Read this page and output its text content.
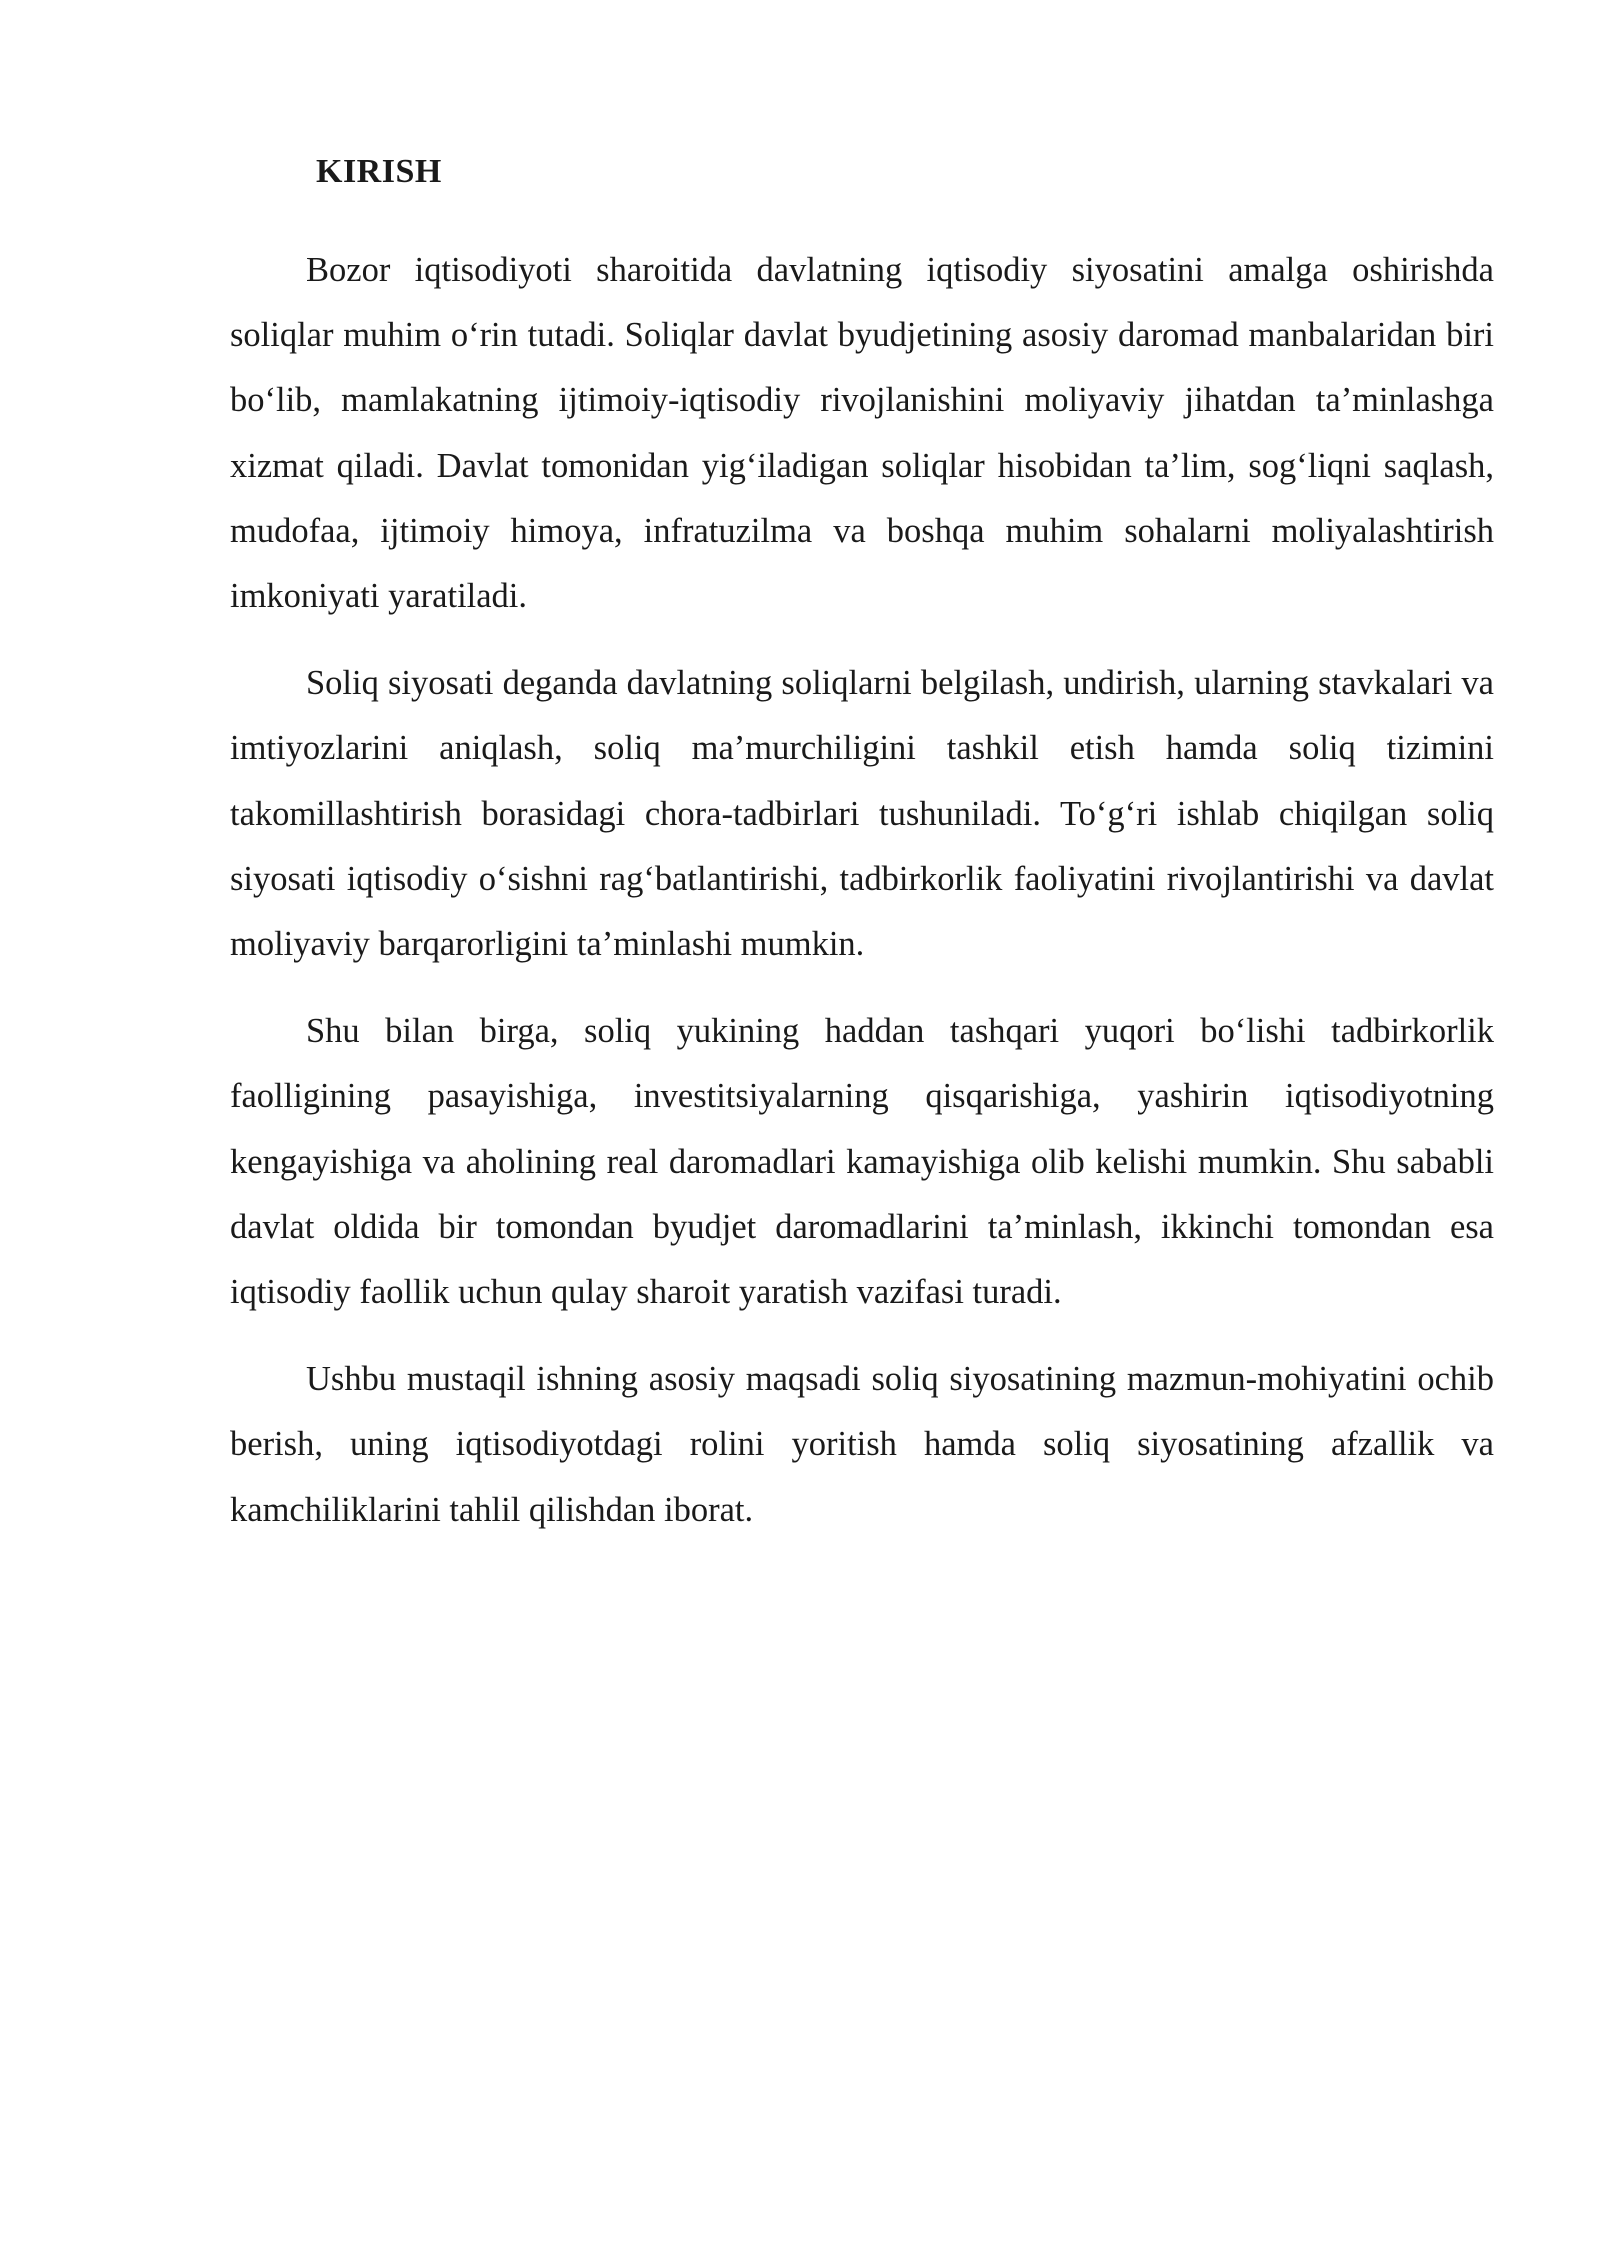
KIRISH

Bozor iqtisodiyoti sharoitida davlatning iqtisodiy siyosatini amalga oshirishda soliqlar muhim o‘rin tutadi. Soliqlar davlat byudjetining asosiy daromad manbalaridan biri bo‘lib, mamlakatning ijtimoiy-iqtisodiy rivojlanishini moliyaviy jihatdan ta’minlashga xizmat qiladi. Davlat tomonidan yig‘iladigan soliqlar hisobidan ta’lim, sog‘liqni saqlash, mudofaa, ijtimoiy himoya, infratuzilma va boshqa muhim sohalarni moliyalashtirish imkoniyati yaratiladi.

Soliq siyosati deganda davlatning soliqlarni belgilash, undirish, ularning stavkalari va imtiyozlarini aniqlash, soliq ma’murchiligini tashkil etish hamda soliq tizimini takomillashtirish borasidagi chora-tadbirlari tushuniladi. To‘g‘ri ishlab chiqilgan soliq siyosati iqtisodiy o‘sishni rag‘batlantirishi, tadbirkorlik faoliyatini rivojlantirishi va davlat moliyaviy barqarorligini ta’minlashi mumkin.

Shu bilan birga, soliq yukining haddan tashqari yuqori bo‘lishi tadbirkorlik faolligining pasayishiga, investitsiyalarning qisqarishiga, yashirin iqtisodiyotning kengayishiga va aholining real daromadlari kamayishiga olib kelishi mumkin. Shu sababli davlat oldida bir tomondan byudjet daromadlarini ta’minlash, ikkinchi tomondan esa iqtisodiy faollik uchun qulay sharoit yaratish vazifasi turadi.

Ushbu mustaqil ishning asosiy maqsadi soliq siyosatining mazmun-mohiyatini ochib berish, uning iqtisodiyotdagi rolini yoritish hamda soliq siyosatining afzallik va kamchiliklarini tahlil qilishdan iborat.
